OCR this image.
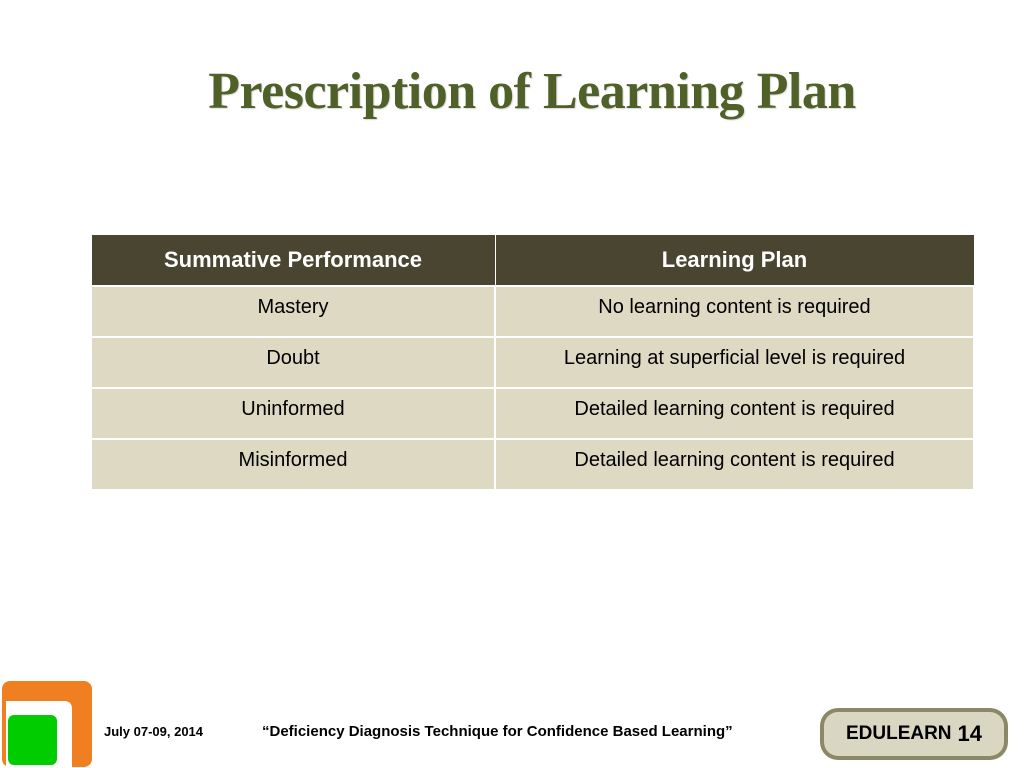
Prescription of Learning Plan
Summative Performance	Learning Plan
Mastery	No learning content is required
Doubt	Learning at superficial level is required
Uninformed	Detailed learning content is required
Misinformed	Detailed learning content is required
July 07-09, 2014	“Deficiency Diagnosis Technique for Confidence Based Learning”	EDULEARN 14
